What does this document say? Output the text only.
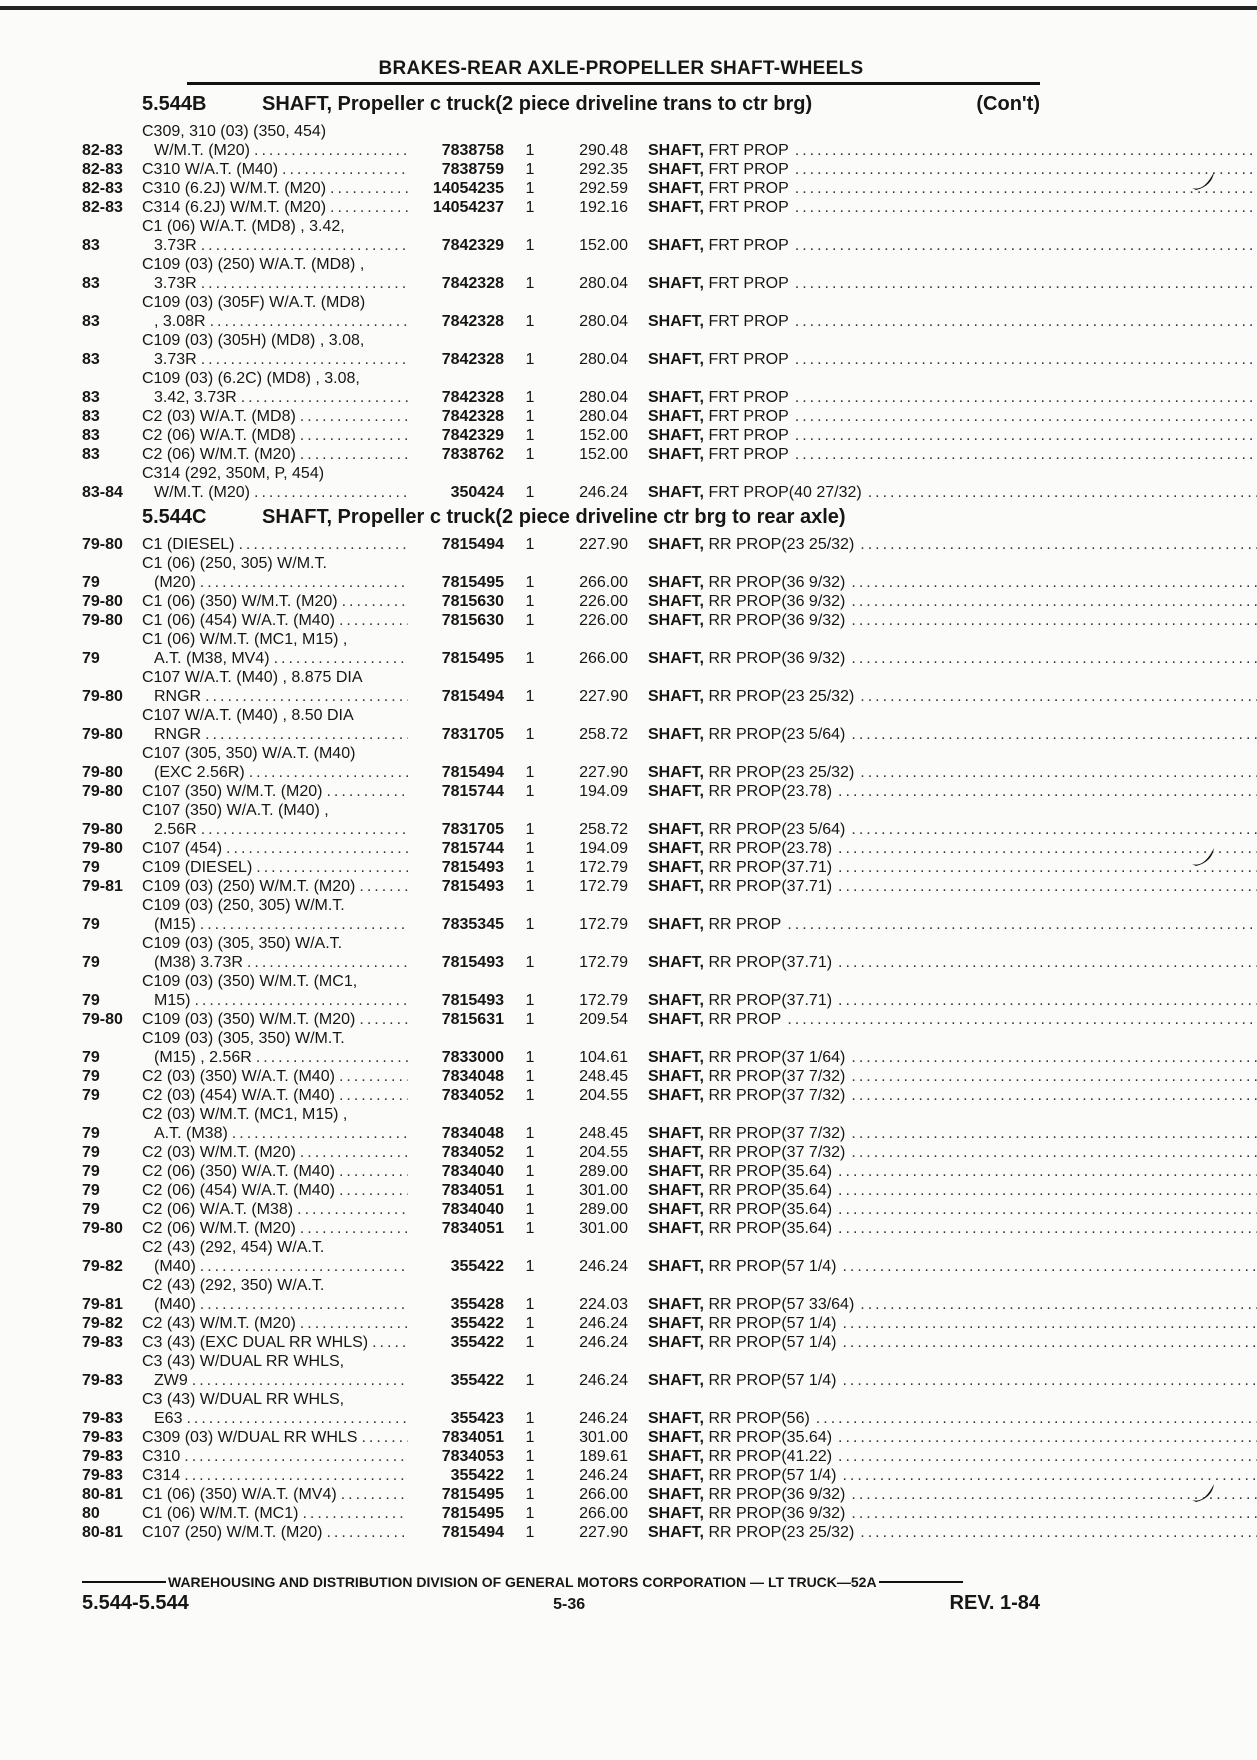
BRAKES-REAR AXLE-PROPELLER SHAFT-WHEELS
5.544B	SHAFT, Propeller c truck(2 piece driveline trans to ctr brg)	(Con't)
82-83
C309, 310 (03) (350, 454)
W/M.T. (M20) .....	7838758	1	290.48 SHAFT, FRT PROP
.....
82-83	C310 W/A.T. (M40) .....	7838759	1	292.35 SHAFT, FRT PROP
.....
82-83	C310 (6.2J) W/M.T. (M20) .....	14054235	1	292.59 SHAFT, FRT PROP
.....
82-83	C314 (6.2J) W/M.T. (M20) .....	14054237	1	192.16 SHAFT, FRT PROP
.....
83
C1 (06) W/A.T. (MD8) , 3.42,
3.73R .....	7842329	1	152.00 SHAFT, FRT PROP
.....
83
C109 (03) (250) W/A.T. (MD8) ,
3.73R .....	7842328	1	280.04 SHAFT, FRT PROP
.....
83
C109 (03) (305F) W/A.T. (MD8)
, 3.08R .....	7842328	1	280.04 SHAFT, FRT PROP
.....
83
C109 (03) (305H) (MD8) , 3.08,
3.73R .....	7842328	1	280.04 SHAFT, FRT PROP
.....
83
C109 (03) (6.2C) (MD8) , 3.08,
3.42, 3.73R .....	7842328	1	280.04 SHAFT, FRT PROP
.....
83	C2 (03) W/A.T. (MD8) .....	7842328	1	280.04 SHAFT, FRT PROP
.....
83	C2 (06) W/A.T. (MD8) .....	7842329	1	152.00 SHAFT, FRT PROP
.....
83	C2 (06) W/M.T. (M20) .....	7838762	1	152.00 SHAFT, FRT PROP
.....
83-84
C314 (292, 350M, P, 454)
W/M.T. (M20) .....	350424	1	246.24 SHAFT, FRT PROP(40 27/32)
.....
5.544C	SHAFT, Propeller c truck(2 piece driveline ctr brg to rear axle)
79-80	C1 (DIESEL) .....	7815494	1	227.90 SHAFT, RR PROP(23 25/32)
.....
79
C1 (06) (250, 305) W/M.T.
(M20) .....	7815495	1	266.00 SHAFT, RR PROP(36 9/32)
.....
79-80	C1 (06) (350) W/M.T. (M20) .....	7815630	1	226.00 SHAFT, RR PROP(36 9/32)
.....
79-80	C1 (06) (454) W/A.T. (M40) .....	7815630	1	226.00 SHAFT, RR PROP(36 9/32)
.....
79
C1 (06) W/M.T. (MC1, M15) ,
A.T. (M38, MV4) .....	7815495	1	266.00 SHAFT, RR PROP(36 9/32)
.....
79-80
C107 W/A.T. (M40) , 8.875 DIA
RNGR .....	7815494	1	227.90 SHAFT, RR PROP(23 25/32)
.....
79-80
C107 W/A.T. (M40) , 8.50 DIA
RNGR .....	7831705	1	258.72 SHAFT, RR PROP(23 5/64)
.....
79-80
C107 (305, 350) W/A.T. (M40)
(EXC 2.56R) .....	7815494	1	227.90 SHAFT, RR PROP(23 25/32)
.....
79-80	C107 (350) W/M.T. (M20) .....	7815744	1	194.09 SHAFT, RR PROP(23.78)
.....
79-80
C107 (350) W/A.T. (M40) ,
2.56R .....	7831705	1	258.72 SHAFT, RR PROP(23 5/64)
.....
79-80	C107 (454) .....	7815744	1	194.09 SHAFT, RR PROP(23.78)
.....
79	C109 (DIESEL) .....	7815493	1	172.79 SHAFT, RR PROP(37.71)
.....
79-81	C109 (03) (250) W/M.T. (M20) .....	7815493	1	172.79 SHAFT, RR PROP(37.71)
.....
79
C109 (03) (250, 305) W/M.T.
(M15) .....	7835345	1	172.79 SHAFT, RR PROP
.....
79
C109 (03) (305, 350) W/A.T.
(M38) 3.73R .....	7815493	1	172.79 SHAFT, RR PROP(37.71)
.....
79
C109 (03) (350) W/M.T. (MC1,
M15) .....	7815493	1	172.79 SHAFT, RR PROP(37.71)
.....
79-80	C109 (03) (350) W/M.T. (M20) .....	7815631	1	209.54 SHAFT, RR PROP
.....
79
C109 (03) (305, 350) W/M.T.
(M15) , 2.56R .....	7833000	1	104.61 SHAFT, RR PROP(37 1/64)
.....
79	C2 (03) (350) W/A.T. (M40) .....	7834048	1	248.45 SHAFT, RR PROP(37 7/32)
.....
79	C2 (03) (454) W/A.T. (M40) .....	7834052	1	204.55 SHAFT, RR PROP(37 7/32)
.....
79
C2 (03) W/M.T. (MC1, M15) ,
A.T. (M38) .....	7834048	1	248.45 SHAFT, RR PROP(37 7/32)
.....
79	C2 (03) W/M.T. (M20) .....	7834052	1	204.55 SHAFT, RR PROP(37 7/32)
.....
79	C2 (06) (350) W/A.T. (M40) .....	7834040	1	289.00 SHAFT, RR PROP(35.64)
.....
79	C2 (06) (454) W/A.T. (M40) .....	7834051	1	301.00 SHAFT, RR PROP(35.64)
.....
79	C2 (06) W/A.T. (M38) .....	7834040	1	289.00 SHAFT, RR PROP(35.64)
.....
79-80	C2 (06) W/M.T. (M20) .....	7834051	1	301.00 SHAFT, RR PROP(35.64)
.....
79-82
C2 (43) (292, 454) W/A.T.
(M40) .....	355422	1	246.24 SHAFT, RR PROP(57 1/4)
.....
79-81
C2 (43) (292, 350) W/A.T.
(M40) .....	355428	1	224.03 SHAFT, RR PROP(57 33/64)
.....
79-82	C2 (43) W/M.T. (M20) .....	355422	1	246.24 SHAFT, RR PROP(57 1/4)
.....
79-83	C3 (43) (EXC DUAL RR WHLS) .....	355422	1	246.24 SHAFT, RR PROP(57 1/4)
.....
79-83
C3 (43) W/DUAL RR WHLS,
ZW9 .....	355422	1	246.24 SHAFT, RR PROP(57 1/4)
.....
79-83
C3 (43) W/DUAL RR WHLS,
E63 .....	355423	1	246.24 SHAFT, RR PROP(56)
.....
79-83	C309 (03) W/DUAL RR WHLS .....	7834051	1	301.00 SHAFT, RR PROP(35.64)
.....
79-83	C310 .....	7834053	1	189.61 SHAFT, RR PROP(41.22)
.....
79-83	C314 .....	355422	1	246.24 SHAFT, RR PROP(57 1/4)
.....
80-81	C1 (06) (350) W/A.T. (MV4) .....	7815495	1	266.00 SHAFT, RR PROP(36 9/32)
.....
80	C1 (06) W/M.T. (MC1) .....	7815495	1	266.00 SHAFT, RR PROP(36 9/32)
.....
80-81	C107 (250) W/M.T. (M20) .....	7815494	1	227.90 SHAFT, RR PROP(23 25/32)
.....
WAREHOUSING AND DISTRIBUTION DIVISION OF GENERAL MOTORS CORPORATION — LT TRUCK—52A
5.544-5.544	5-36	REV. 1-84
